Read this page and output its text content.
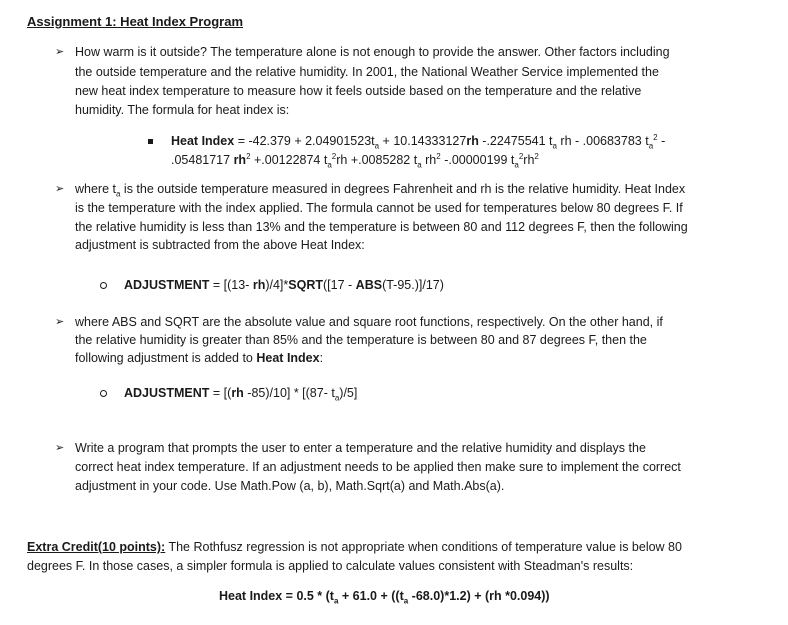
Assignment 1: Heat Index Program
➢ How warm is it outside? The temperature alone is not enough to provide the answer. Other factors including
the outside temperature and the relative humidity. In 2001, the National Weather Service implemented the
new heat index temperature to measure how it feels outside based on the temperature and the relative
humidity. The formula for heat index is:
Heat Index = $-42.379 + 2.04901523t_a + 10.14333127rh$ -.22475541 $t_a$ rh - .00683783 $t_a^2$ -
.05481717 $rh^2 +.00122874$ $t_a^2rh +.0085282$ $t_a$ $rh^2$ -.00000199 $t_a^2rh^2$
➢ where $t_a$ is the outside temperature measured in degrees Fahrenheit and rh is the relative humidity. Heat Index
is the temperature with the index applied. The formula cannot be used for temperatures below 80 degrees F. If
the relative humidity is less than 13% and the temperature is between 80 and 112 degrees F, then the following
adjustment is subtracted from the above Heat Index:
ADJUSTMENT = [(13- rh)/4]*SQRT([17 - ABS(T-95.)]/17)
➢ where ABS and SQRT are the absolute value and square root functions, respectively. On the other hand, if
the relative humidity is greater than 85% and the temperature is between 80 and 87 degrees F, then the
following adjustment is added to Heat Index:
ADJUSTMENT = [(rh -85)/10] * [(87- $t_a)/5$]
➢ Write a program that prompts the user to enter a temperature and the relative humidity and displays the
correct heat index temperature. If an adjustment needs to be applied then make sure to implement the correct
adjustment in your code. Use Math.Pow (a, b), Math.Sqrt(a) and Math.Abs(a).
Extra Credit(10 points): The Rothfusz regression is not appropriate when conditions of temperature value is below 80
degrees F. In those cases, a simpler formula is applied to calculate values consistent with Steadman's results:
Heat Index = $0.5 * (t_a + 61.0 + ((t_a$ -68.0)*1.2) + (rh *0.094))
